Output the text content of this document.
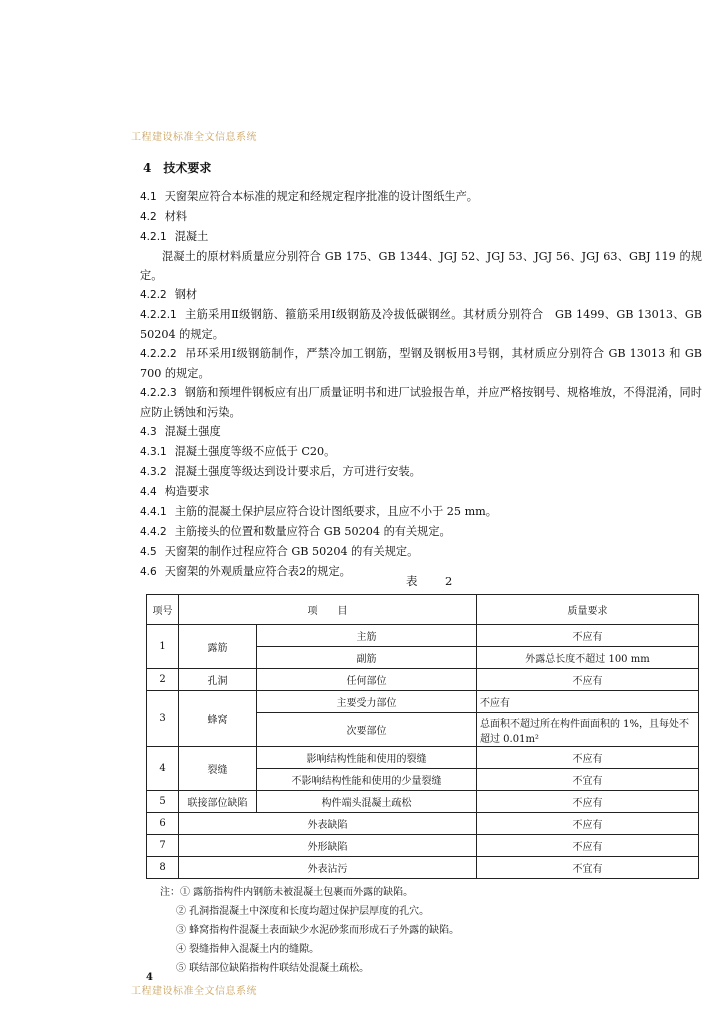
工程建设标准全文信息系统
4　技术要求

4.1 天窗架应符合本标准的规定和经规定程序批准的设计图纸生产。

4.2 材料

4.2.1 混凝土

混凝土的原材料质量应分别符合 GB 175、GB 1344、JGJ 52、JGJ 53、JGJ 56、JGJ 63、GBJ 119 的规定。

4.2.2 钢材

4.2.2.1 主筋采用Ⅱ级钢筋、箍筋采用Ⅰ级钢筋及冷拔低碳钢丝。其材质分别符合　GB 1499、GB 13013、GB 50204 的规定。

4.2.2.2 吊环采用Ⅰ级钢筋制作，严禁冷加工钢筋，型钢及钢板用3号钢，其材质应分别符合 GB 13013 和 GB 700 的规定。

4.2.2.3 钢筋和预埋件钢板应有出厂质量证明书和进厂试验报告单，并应严格按钢号、规格堆放，不得混淆，同时应防止锈蚀和污染。

4.3 混凝土强度

4.3.1 混凝土强度等级不应低于 C20。

4.3.2 混凝土强度等级达到设计要求后，方可进行安装。

4.4 构造要求

4.4.1 主筋的混凝土保护层应符合设计图纸要求，且应不小于 25 mm。

4.4.2 主筋接头的位置和数量应符合 GB 50204 的有关规定。

4.5 天窗架的制作过程应符合 GB 50204 的有关规定。

4.6 天窗架的外观质量应符合表2的规定。

表　2
项号	项　　目		质量要求
1	露筋	主筋	不应有
		副筋	外露总长度不超过 100 mm
2	孔洞	任何部位	不应有
3	蜂窝	主要受力部位	不应有
		次要部位	总面积不超过所在构件面面积的 1%，且每处不超过 0.01m²
4	裂缝	影响结构性能和使用的裂缝	不应有
		不影响结构性能和使用的少量裂缝	不宜有
5	联接部位缺陷	构件端头混凝土疏松	不应有
6	外表缺陷		不应有
7	外形缺陷		不应有
8	外表沾污		不宜有
注：① 露筋指构件内钢筋未被混凝土包裹而外露的缺陷。
② 孔洞指混凝土中深度和长度均超过保护层厚度的孔穴。
③ 蜂窝指构件混凝土表面缺少水泥砂浆而形成石子外露的缺陷。
④ 裂缝指伸入混凝土内的缝隙。
⑤ 联结部位缺陷指构件联结处混凝土疏松。
4
工程建设标准全文信息系统
